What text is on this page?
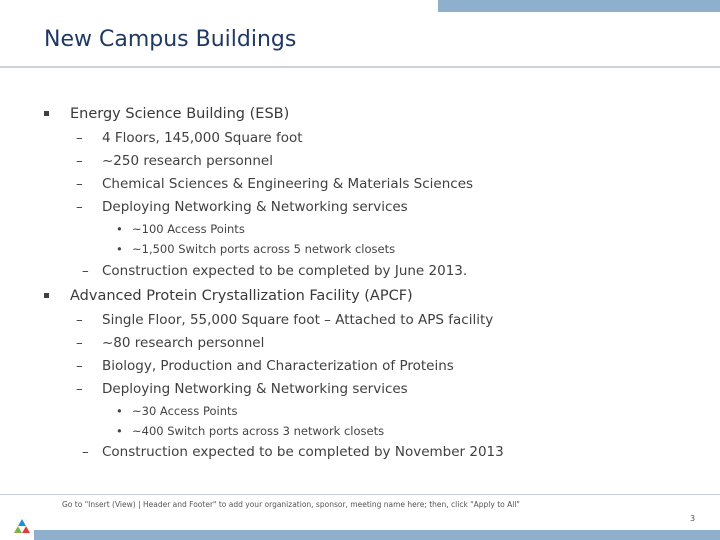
New Campus Buildings
Energy Science Building (ESB)
– 4 Floors, 145,000 Square foot
– ~250 research personnel
– Chemical Sciences & Engineering & Materials Sciences
– Deploying Networking & Networking services
• ~100 Access Points
• ~1,500 Switch ports across 5 network closets
– Construction expected to be completed by June 2013.
Advanced Protein Crystallization Facility (APCF)
– Single Floor, 55,000 Square foot – Attached to APS facility
– ~80 research personnel
– Biology, Production and Characterization of Proteins
– Deploying Networking & Networking services
• ~30 Access Points
• ~400 Switch ports across 3 network closets
– Construction expected to be completed by November 2013
Go to "Insert (View) | Header and Footer" to add your organization, sponsor, meeting name here; then, click "Apply to All"
3
